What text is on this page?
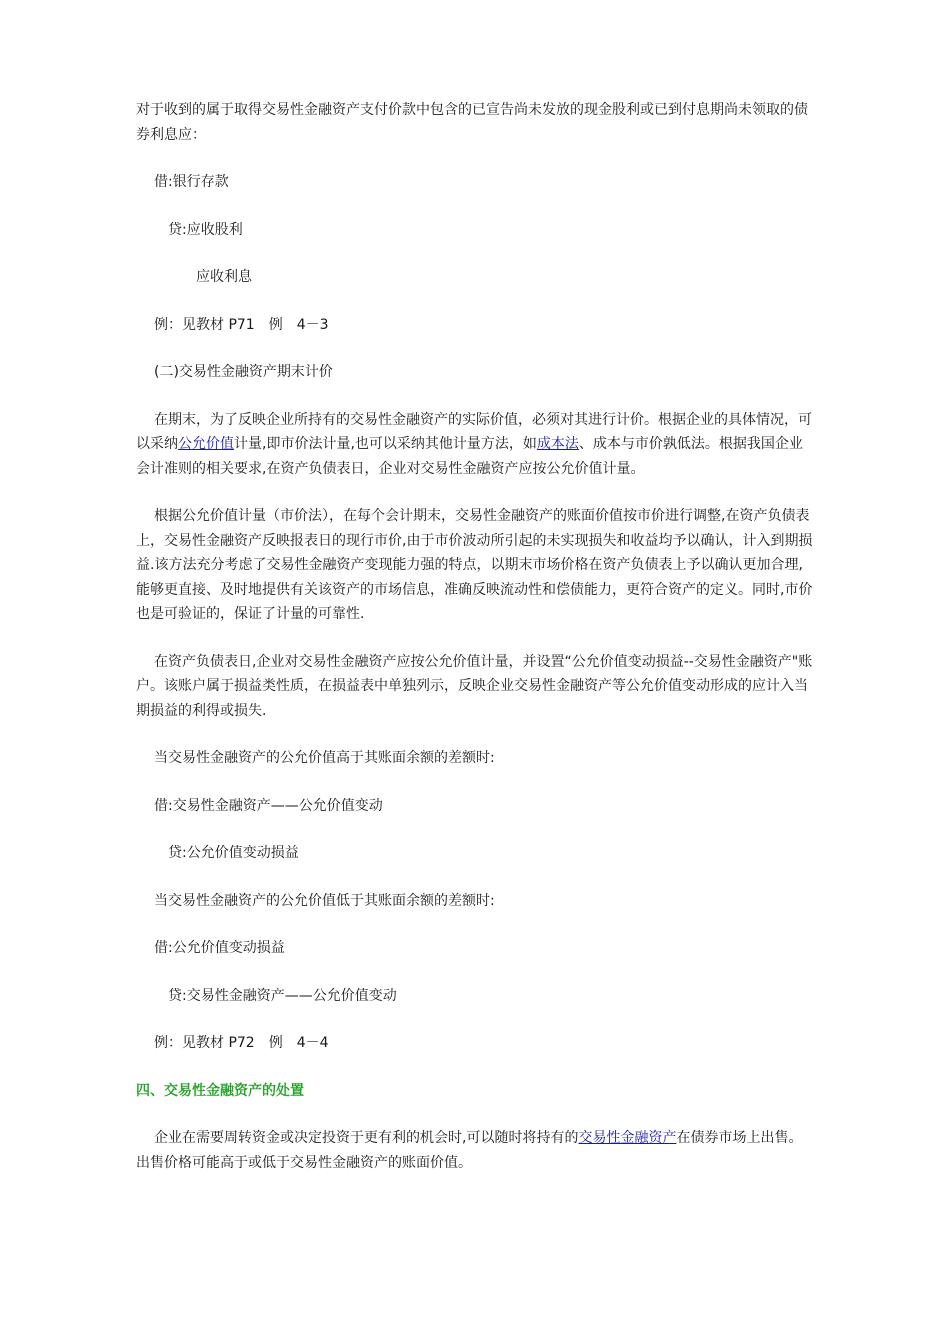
对于收到的属于取得交易性金融资产支付价款中包含的已宣告尚未发放的现金股利或已到付息期尚未领取的债券利息应：

借:银行存款

贷:应收股利

应收利息

例：见教材 P71　例　4－3

(二)交易性金融资产期末计价

在期末，为了反映企业所持有的交易性金融资产的实际价值，必须对其进行计价。根据企业的具体情况，可以采纳公允价值计量,即市价法计量,也可以采纳其他计量方法，如成本法、成本与市价孰低法。根据我国企业会计准则的相关要求,在资产负债表日，企业对交易性金融资产应按公允价值计量。

根据公允价值计量（市价法），在每个会计期末，交易性金融资产的账面价值按市价进行调整,在资产负债表上，交易性金融资产反映报表日的现行市价,由于市价波动所引起的未实现损失和收益均予以确认，计入到期损益.该方法充分考虑了交易性金融资产变现能力强的特点，以期末市场价格在资产负债表上予以确认更加合理,能够更直接、及时地提供有关该资产的市场信息，准确反映流动性和偿债能力，更符合资产的定义。同时,市价也是可验证的，保证了计量的可靠性.

在资产负债表日,企业对交易性金融资产应按公允价值计量，并设置“公允价值变动损益--交易性金融资产"账户。该账户属于损益类性质，在损益表中单独列示，反映企业交易性金融资产等公允价值变动形成的应计入当期损益的利得或损失.

当交易性金融资产的公允价值高于其账面余额的差额时:

借:交易性金融资产——公允价值变动

贷:公允价值变动损益

当交易性金融资产的公允价值低于其账面余额的差额时:

借:公允价值变动损益

贷:交易性金融资产——公允价值变动

例：见教材 P72　例　4－4

四、交易性金融资产的处置

企业在需要周转资金或决定投资于更有利的机会时,可以随时将持有的交易性金融资产在债券市场上出售。出售价格可能高于或低于交易性金融资产的账面价值。
